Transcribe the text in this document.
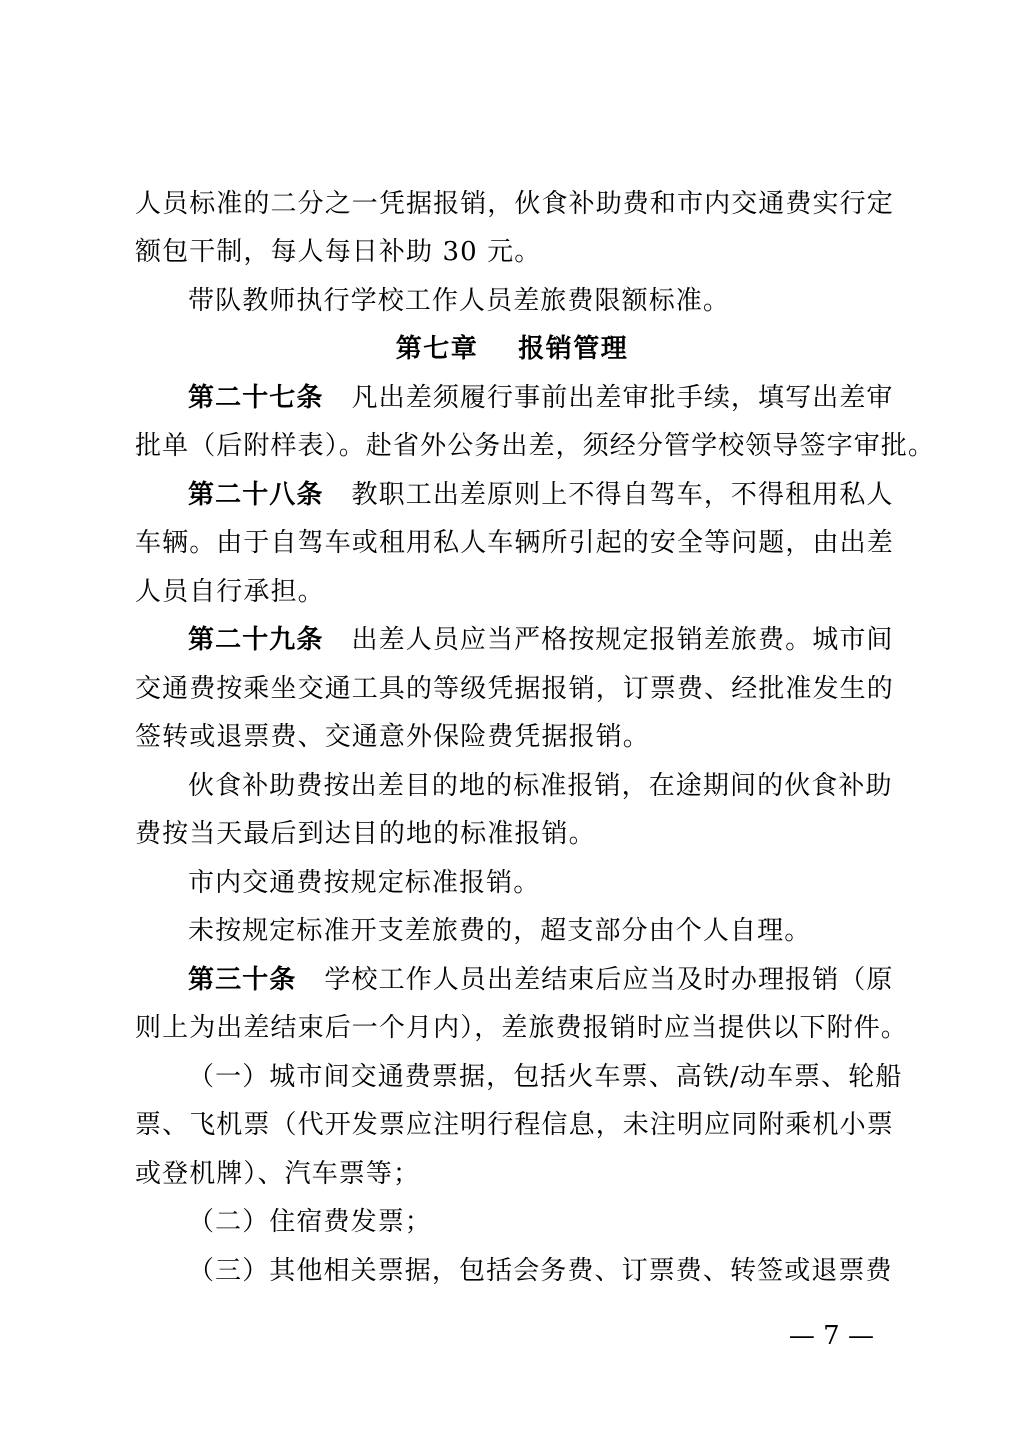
人员标准的二分之一凭据报销，伙食补助费和市内交通费实行定
额包干制，每人每日补助 30 元。
带队教师执行学校工作人员差旅费限额标准。
第七章 报销管理
第二十七条 凡出差须履行事前出差审批手续，填写出差审
批单（后附样表）。赴省外公务出差，须经分管学校领导签字审批。
第二十八条 教职工出差原则上不得自驾车，不得租用私人
车辆。由于自驾车或租用私人车辆所引起的安全等问题，由出差
人员自行承担。
第二十九条 出差人员应当严格按规定报销差旅费。城市间
交通费按乘坐交通工具的等级凭据报销，订票费、经批准发生的
签转或退票费、交通意外保险费凭据报销。
伙食补助费按出差目的地的标准报销，在途期间的伙食补助
费按当天最后到达目的地的标准报销。
市内交通费按规定标准报销。
未按规定标准开支差旅费的，超支部分由个人自理。
第三十条 学校工作人员出差结束后应当及时办理报销（原
则上为出差结束后一个月内），差旅费报销时应当提供以下附件。
（一）城市间交通费票据，包括火车票、高铁/动车票、轮船
票、飞机票（代开发票应注明行程信息，未注明应同附乘机小票
或登机牌）、汽车票等；
（二）住宿费发票；
（三）其他相关票据，包括会务费、订票费、转签或退票费
— 7 —
